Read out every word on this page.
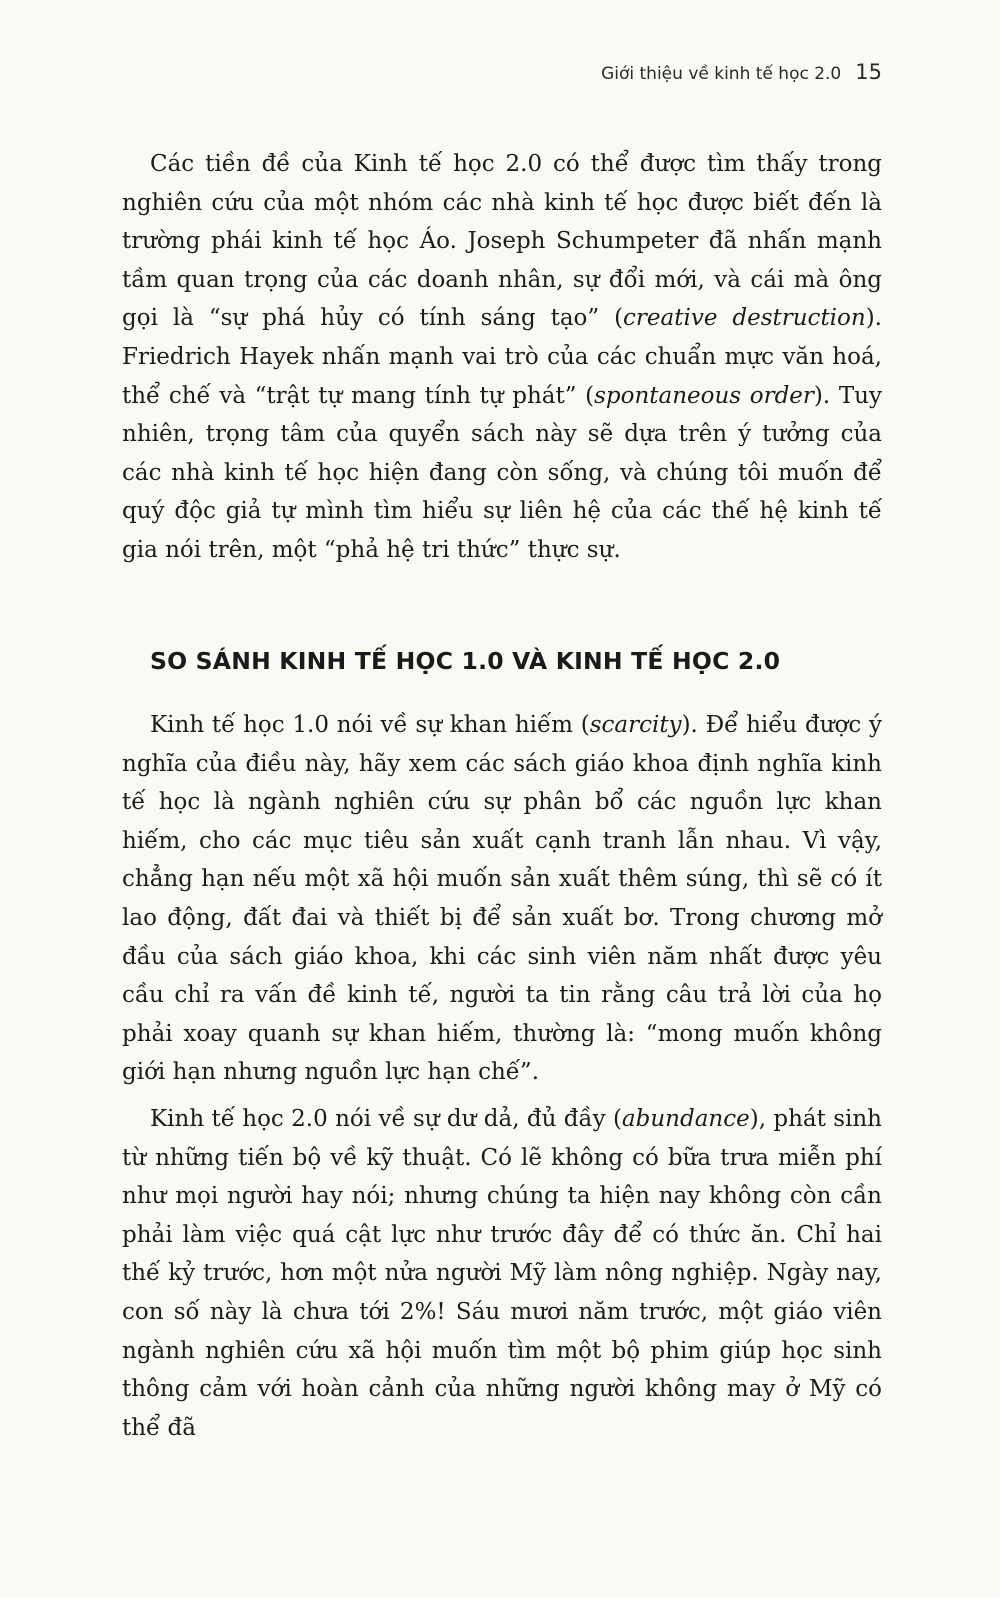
Giới thiệu về kinh tế học 2.0 15

Các tiền đề của Kinh tế học 2.0 có thể được tìm thấy trong nghiên cứu của một nhóm các nhà kinh tế học được biết đến là trường phái kinh tế học Áo. Joseph Schumpeter đã nhấn mạnh tầm quan trọng của các doanh nhân, sự đổi mới, và cái mà ông gọi là “sự phá hủy có tính sáng tạo” (creative destruction). Friedrich Hayek nhấn mạnh vai trò của các chuẩn mực văn hoá, thể chế và “trật tự mang tính tự phát” (spontaneous order). Tuy nhiên, trọng tâm của quyển sách này sẽ dựa trên ý tưởng của các nhà kinh tế học hiện đang còn sống, và chúng tôi muốn để quý độc giả tự mình tìm hiểu sự liên hệ của các thế hệ kinh tế gia nói trên, một “phả hệ tri thức” thực sự.

SO SÁNH KINH TẾ HỌC 1.0 VÀ KINH TẾ HỌC 2.0

Kinh tế học 1.0 nói về sự khan hiếm (scarcity). Để hiểu được ý nghĩa của điều này, hãy xem các sách giáo khoa định nghĩa kinh tế học là ngành nghiên cứu sự phân bổ các nguồn lực khan hiếm, cho các mục tiêu sản xuất cạnh tranh lẫn nhau. Vì vậy, chẳng hạn nếu một xã hội muốn sản xuất thêm súng, thì sẽ có ít lao động, đất đai và thiết bị để sản xuất bơ. Trong chương mở đầu của sách giáo khoa, khi các sinh viên năm nhất được yêu cầu chỉ ra vấn đề kinh tế, người ta tin rằng câu trả lời của họ phải xoay quanh sự khan hiếm, thường là: “mong muốn không giới hạn nhưng nguồn lực hạn chế”.

Kinh tế học 2.0 nói về sự dư dả, đủ đầy (abundance), phát sinh từ những tiến bộ về kỹ thuật. Có lẽ không có bữa trưa miễn phí như mọi người hay nói; nhưng chúng ta hiện nay không còn cần phải làm việc quá cật lực như trước đây để có thức ăn. Chỉ hai thế kỷ trước, hơn một nửa người Mỹ làm nông nghiệp. Ngày nay, con số này là chưa tới 2%! Sáu mươi năm trước, một giáo viên ngành nghiên cứu xã hội muốn tìm một bộ phim giúp học sinh thông cảm với hoàn cảnh của những người không may ở Mỹ có thể đã
